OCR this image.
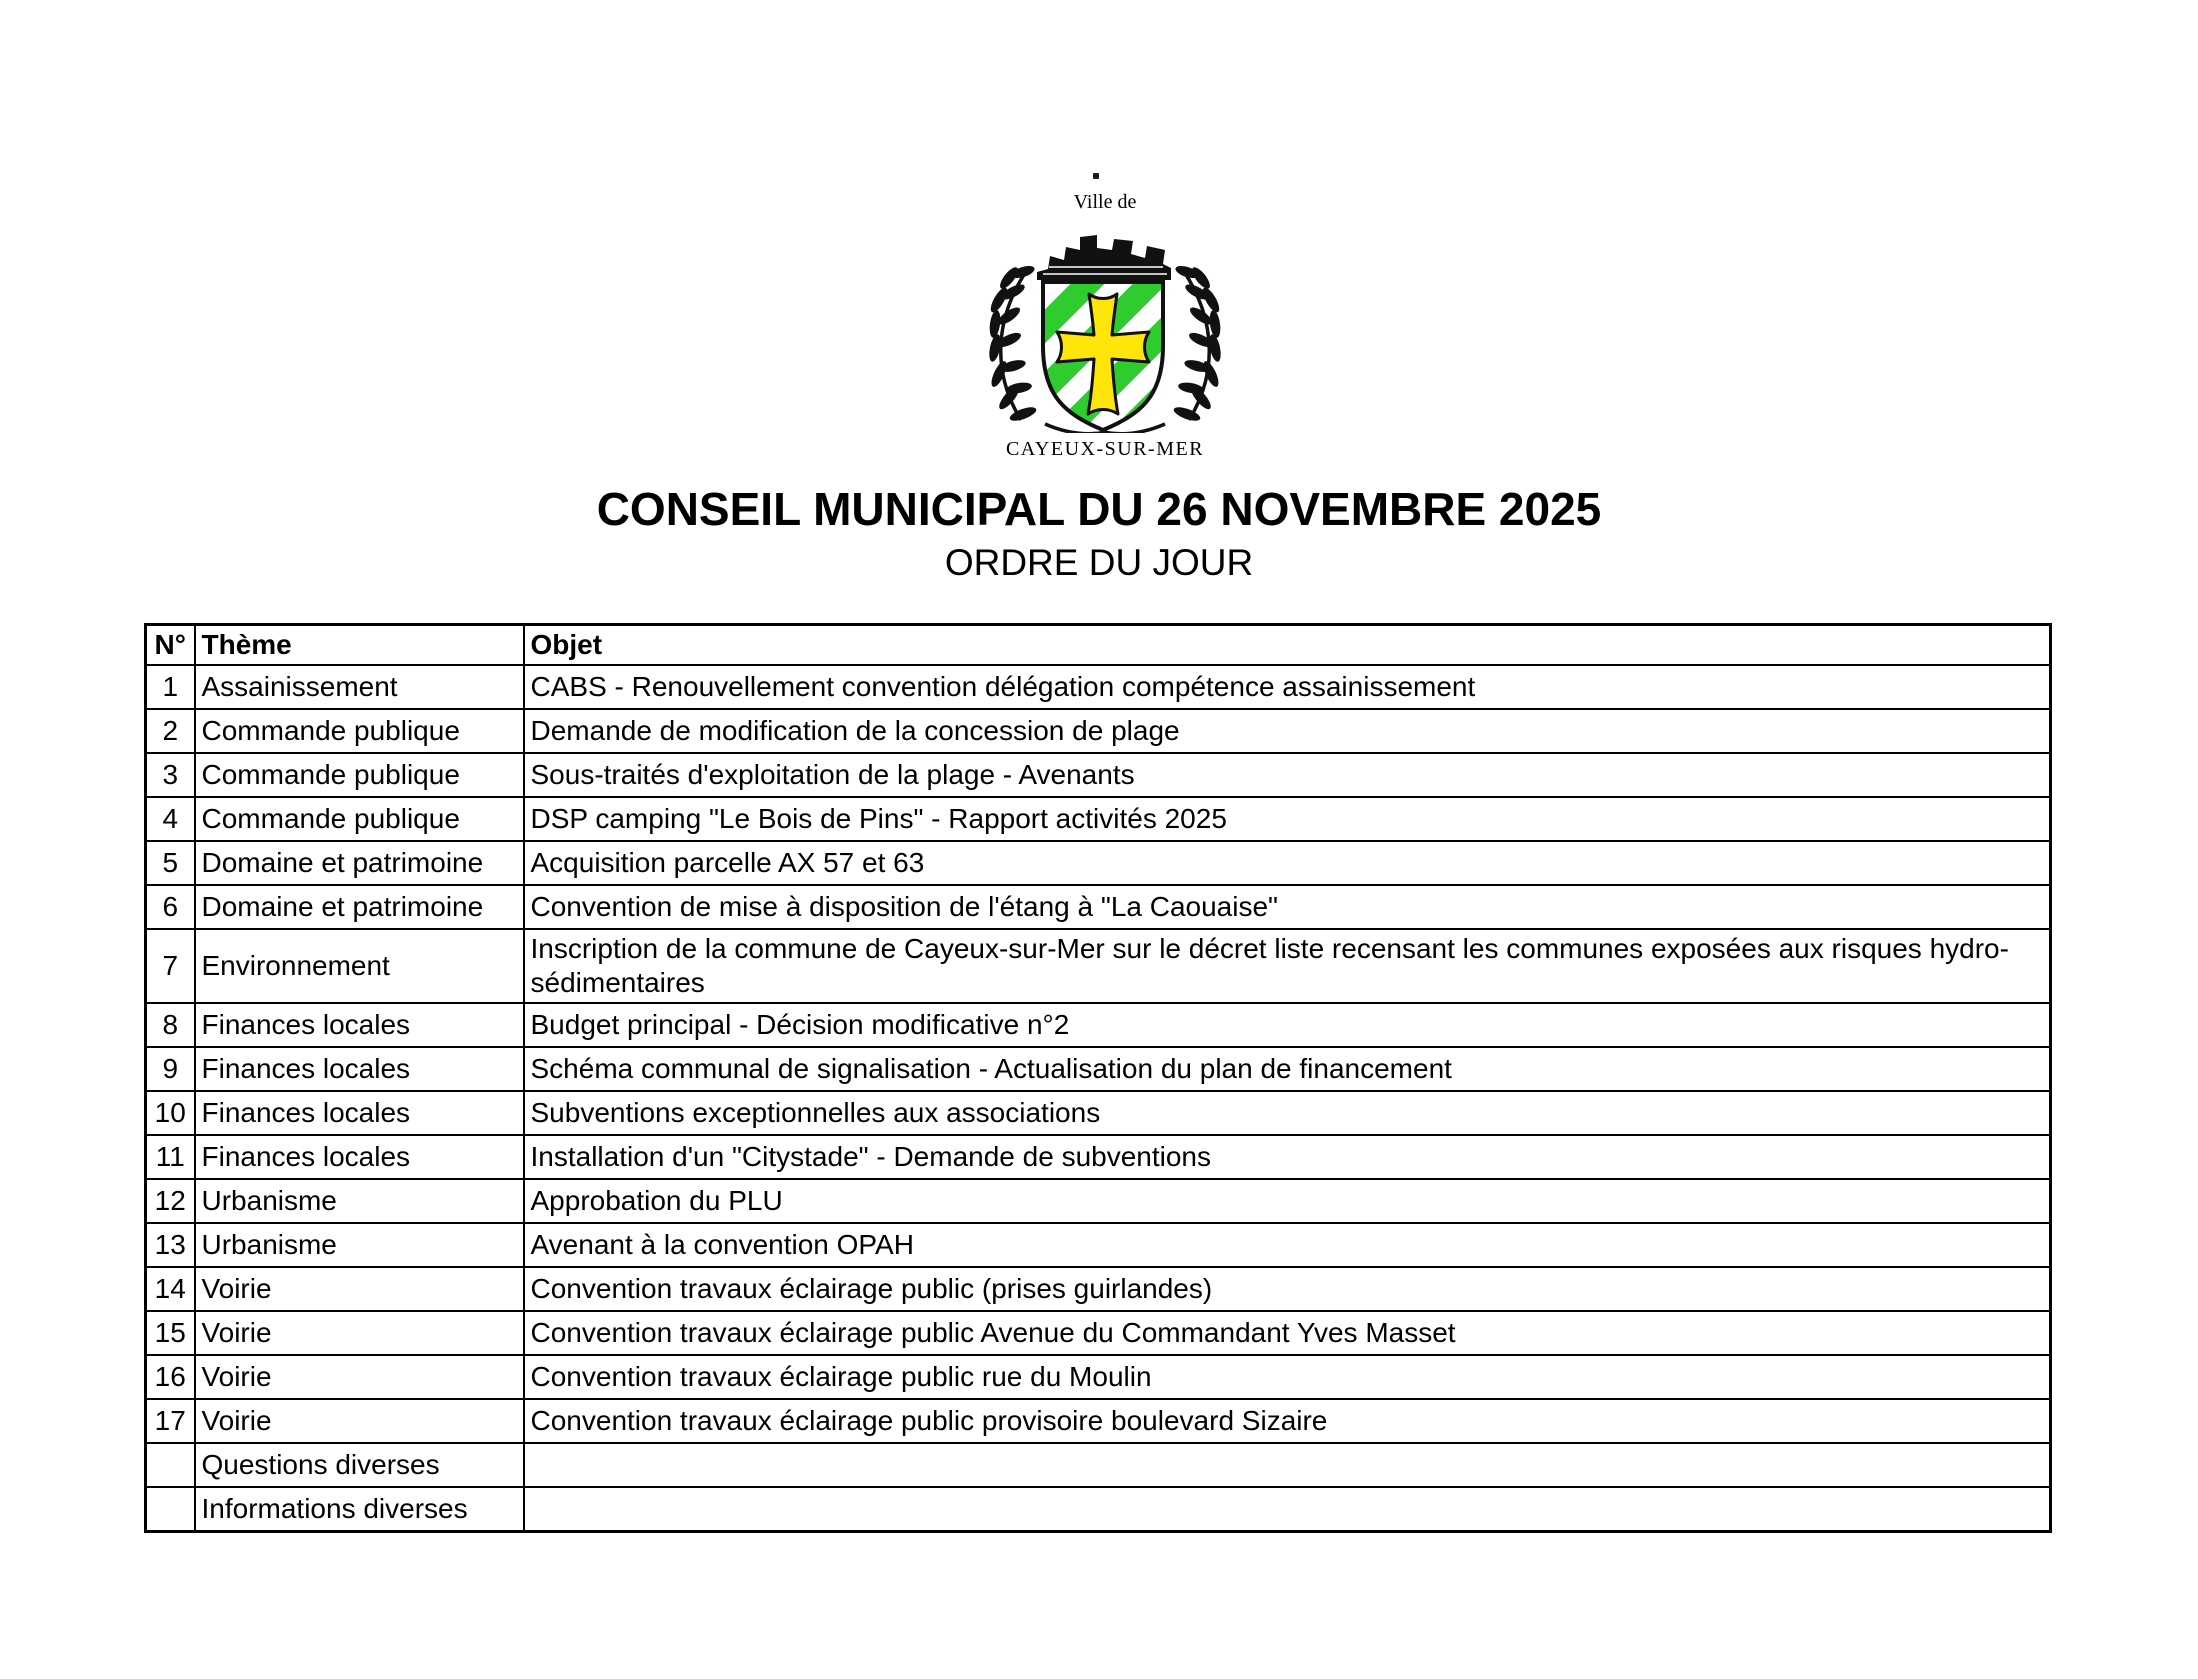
Ville de
CAYEUX-SUR-MER
CONSEIL MUNICIPAL DU 26 NOVEMBRE 2025
ORDRE DU JOUR
N°	Thème	Objet
1	Assainissement	CABS - Renouvellement convention délégation compétence assainissement
2	Commande publique	Demande de modification de la concession de plage
3	Commande publique	Sous-traités d'exploitation de la plage - Avenants
4	Commande publique	DSP camping "Le Bois de Pins" - Rapport activités 2025
5	Domaine et patrimoine	Acquisition parcelle AX 57 et 63
6	Domaine et patrimoine	Convention de mise à disposition de l'étang à "La Caouaise"
7	Environnement	Inscription de la commune de Cayeux-sur-Mer sur le décret liste recensant les communes exposées aux risques hydro-sédimentaires
8	Finances locales	Budget principal - Décision modificative n°2
9	Finances locales	Schéma communal de signalisation - Actualisation du plan de financement
10	Finances locales	Subventions exceptionnelles aux associations
11	Finances locales	Installation d'un "Citystade" - Demande de subventions
12	Urbanisme	Approbation du PLU
13	Urbanisme	Avenant à la convention OPAH
14	Voirie	Convention travaux éclairage public (prises guirlandes)
15	Voirie	Convention travaux éclairage public Avenue du Commandant Yves Masset
16	Voirie	Convention travaux éclairage public rue du Moulin
17	Voirie	Convention travaux éclairage public provisoire boulevard Sizaire
	Questions diverses	
	Informations diverses	
